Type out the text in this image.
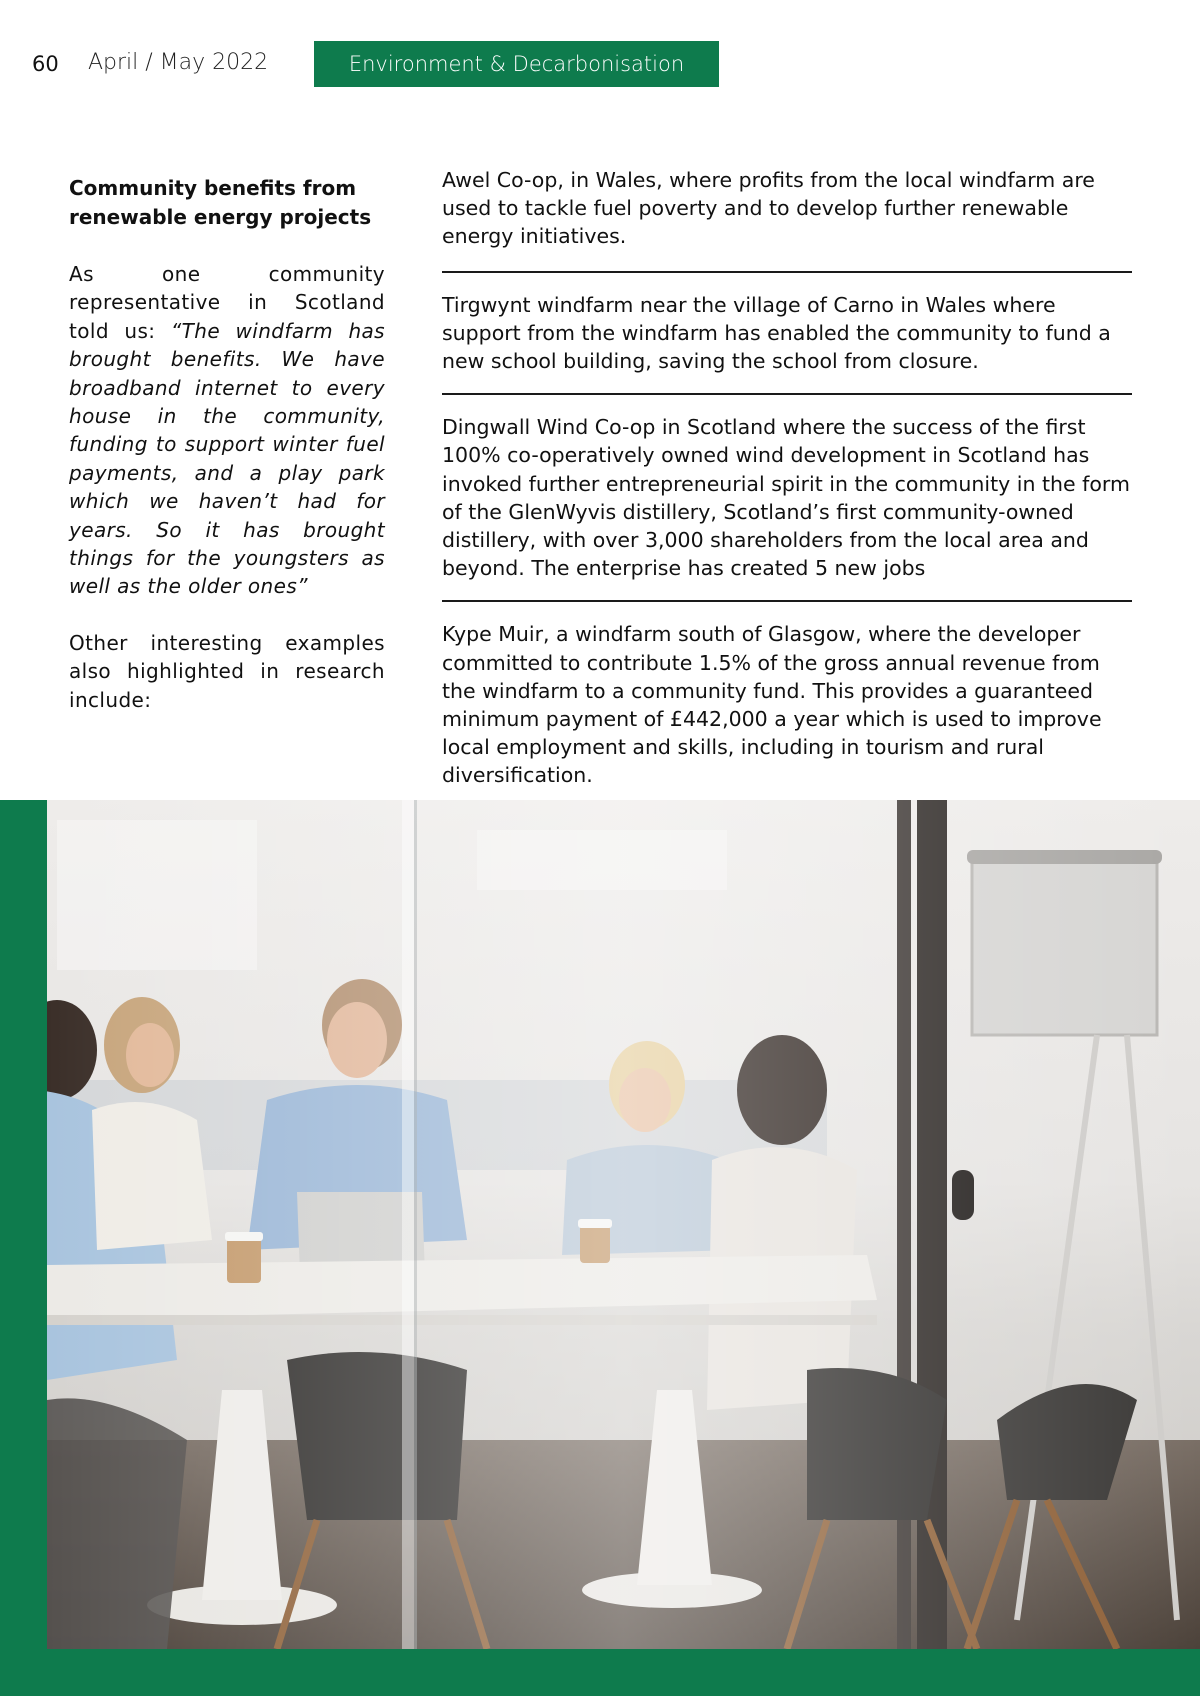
60 April / May 2022	Environment & Decarbonisation
Community benefits from
renewable energy projects

As one community representative in Scotland told us: “The windfarm has brought benefits. We have broadband internet to every house in the community, funding to support winter fuel payments, and a play park which we haven’t had for years. So it has brought things for the youngsters as well as the older ones”

Other interesting examples also highlighted in research include:

Awel Co-op, in Wales, where profits from the local windfarm are used to tackle fuel poverty and to develop further renewable energy initiatives.
Tirgwynt windfarm near the village of Carno in Wales where support from the windfarm has enabled the community to fund a new school building, saving the school from closure.
Dingwall Wind Co-op in Scotland where the success of the first 100% co-operatively owned wind development in Scotland has invoked further entrepreneurial spirit in the community in the form of the GlenWyvis distillery, Scotland’s first community-owned distillery, with over 3,000 shareholders from the local area and beyond. The enterprise has created 5 new jobs
Kype Muir, a windfarm south of Glasgow, where the developer committed to contribute 1.5% of the gross annual revenue from the windfarm to a community fund. This provides a guaranteed minimum payment of £442,000 a year which is used to improve local employment and skills, including in tourism and rural diversification.
